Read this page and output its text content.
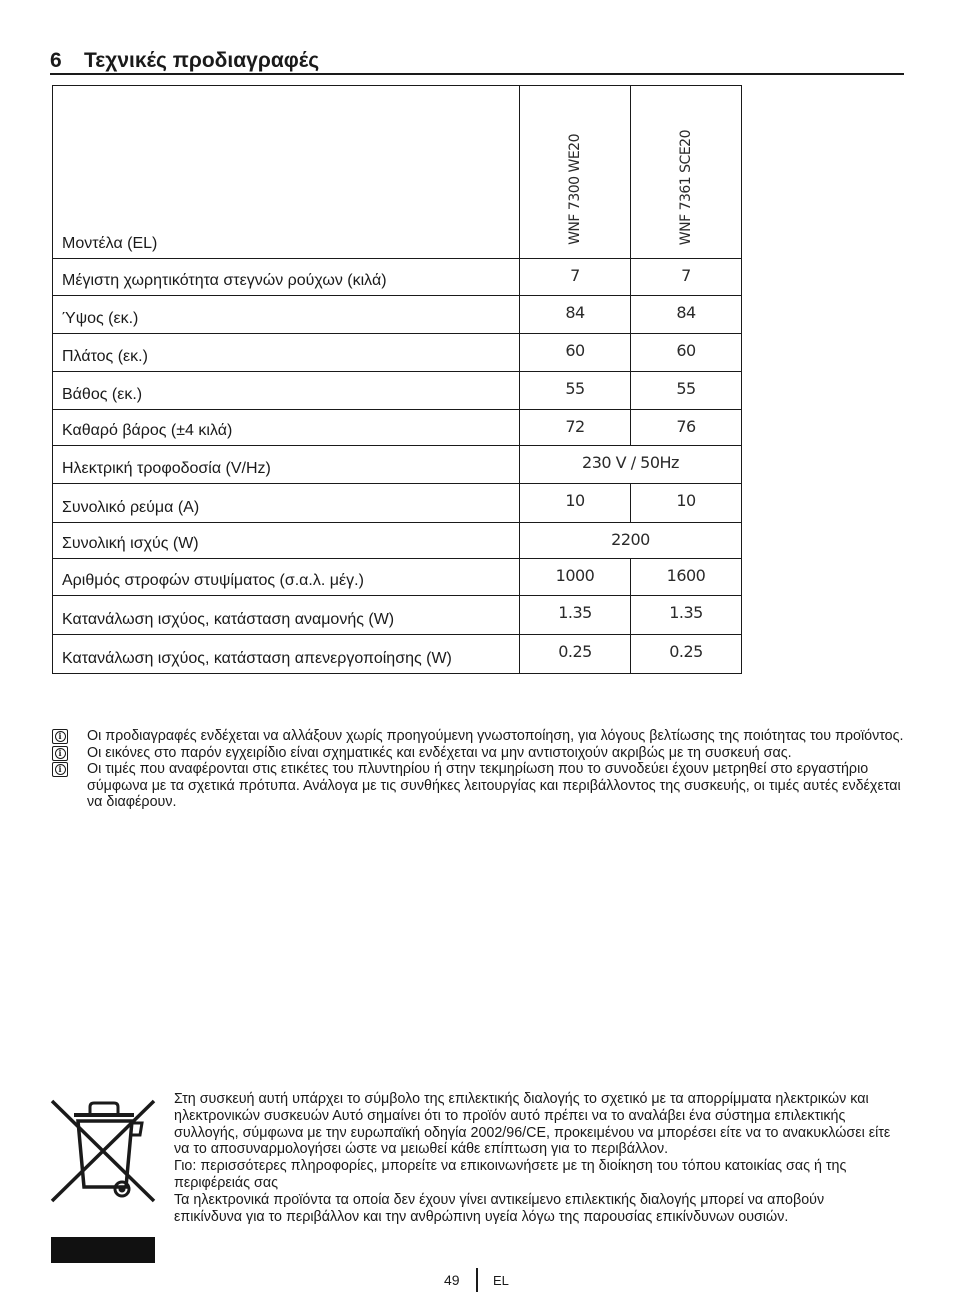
6 Τεχνικές προδιαγραφές
Μοντέλα (EL)	WNF 7300 WE20	WNF 7361 SCE20
Μέγιστη χωρητικότητα στεγνών ρούχων (κιλά)	7	7
Ύψος (εκ.)	84	84
Πλάτος (εκ.)	60	60
Βάθος (εκ.)	55	55
Καθαρό βάρος (±4 κιλά)	72	76
Ηλεκτρική τροφοδοσία (V/Hz)	230 V / 50Hz	
Συνολικό ρεύμα (A)	10	10
Συνολική ισχύς (W)	2200	
Αριθμός στροφών στυψίματος (σ.α.λ. μέγ.)	1000	1600
Κατανάλωση ισχύος, κατάσταση αναμονής (W)	1.35	1.35
Κατανάλωση ισχύος, κατάσταση απενεργοποίησης (W)	0.25	0.25
i Οι προδιαγραφές ενδέχεται να αλλάξουν χωρίς προηγούμενη γνωστοποίηση, για λόγους βελτίωσης της ποιότητας του προϊόντος.
i Οι εικόνες στο παρόν εγχειρίδιο είναι σχηματικές και ενδέχεται να μην αντιστοιχούν ακριβώς με τη συσκευή σας.
i Οι τιμές που αναφέρονται στις ετικέτες του πλυντηρίου ή στην τεκμηρίωση που το συνοδεύει έχουν μετρηθεί στο εργαστήριο σύμφωνα με τα σχετικά πρότυπα. Ανάλογα με τις συνθήκες λειτουργίας και περιβάλλοντος της συσκευής, οι τιμές αυτές ενδέχεται να διαφέρουν.

Στη συσκευή αυτή υπάρχει το σύμβολο της επιλεκτικής διαλογής το σχετικό με τα απορρίμματα ηλεκτρικών και ηλεκτρονικών συσκευών Αυτό σημαίνει ότι το προϊόν αυτό πρέπει να το αναλάβει ένα σύστημα επιλεκτικής συλλογής, σύμφωνα με την ευρωπαϊκή οδηγία 2002/96/CE, προκειμένου να μπορέσει είτε να το ανακυκλώσει είτε να το αποσυναρμολογήσει ώστε να μειωθεί κάθε επίπτωση για το περιβάλλον.

Γιο: περισσότερες πληροφορίες, μπορείτε να επικοινωνήσετε με τη διοίκηση του τόπου κατοικίας σας ή της περιφέρειάς σας

Τα ηλεκτρονικά προϊόντα τα οποία δεν έχουν γίνει αντικείμενο επιλεκτικής διαλογής μπορεί να αποβούν επικίνδυνα για το περιβάλλον και την ανθρώπινη υγεία λόγω της παρουσίας επικίνδυνων ουσιών.

49	EL
